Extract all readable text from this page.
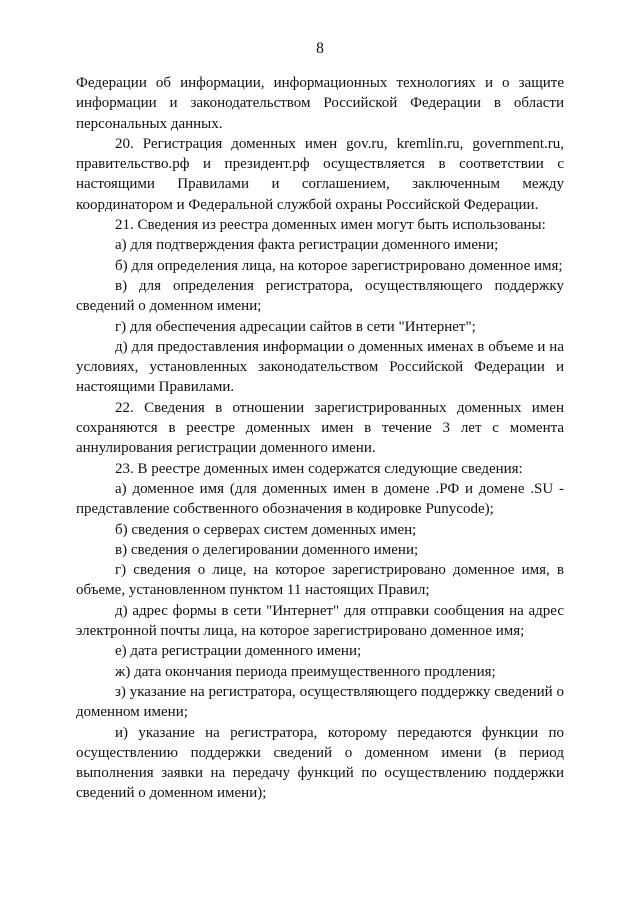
8

Федерации об информации, информационных технологиях и о защите информации и законодательством Российской Федерации в области персональных данных.

20. Регистрация доменных имен gov.ru, kremlin.ru, government.ru, правительство.рф и президент.рф осуществляется в соответствии с настоящими Правилами и соглашением, заключенным между координатором и Федеральной службой охраны Российской Федерации.

21. Сведения из реестра доменных имен могут быть использованы:

а) для подтверждения факта регистрации доменного имени;

б) для определения лица, на которое зарегистрировано доменное имя;

в) для определения регистратора, осуществляющего поддержку сведений о доменном имени;

г) для обеспечения адресации сайтов в сети "Интернет";

д) для предоставления информации о доменных именах в объеме и на условиях, установленных законодательством Российской Федерации и настоящими Правилами.

22. Сведения в отношении зарегистрированных доменных имен сохраняются в реестре доменных имен в течение 3 лет с момента аннулирования регистрации доменного имени.

23. В реестре доменных имен содержатся следующие сведения:

а) доменное имя (для доменных имен в домене .РФ и домене .SU - представление собственного обозначения в кодировке Punycode);

б) сведения о серверах систем доменных имен;

в) сведения о делегировании доменного имени;

г) сведения о лице, на которое зарегистрировано доменное имя, в объеме, установленном пунктом 11 настоящих Правил;

д) адрес формы в сети "Интернет" для отправки сообщения на адрес электронной почты лица, на которое зарегистрировано доменное имя;

е) дата регистрации доменного имени;

ж) дата окончания периода преимущественного продления;

з) указание на регистратора, осуществляющего поддержку сведений о доменном имени;

и) указание на регистратора, которому передаются функции по осуществлению поддержки сведений о доменном имени (в период выполнения заявки на передачу функций по осуществлению поддержки сведений о доменном имени);
